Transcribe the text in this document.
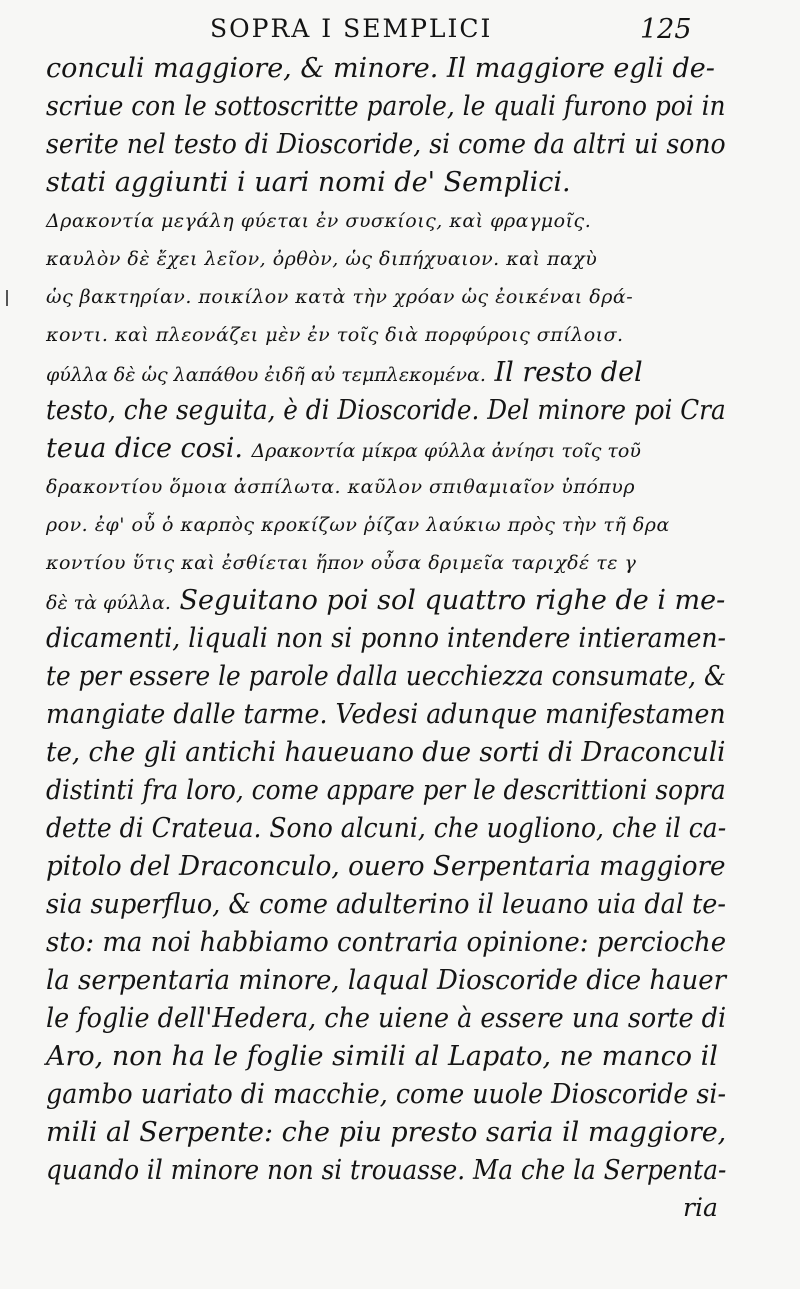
SOPRA I SEMPLICI	125
conculi maggiore, & minore. Il maggiore egli de-
scriue con le sottoscritte parole, le quali furono poi in
serite nel testo di Dioscoride, si come da altri ui sono
stati aggiunti i uari nomi de' Semplici.
Δρακοντία μεγάλη φύεται ἐν συσκίοις, καὶ φραγμοῖς.
καυλὸν δὲ ἔχει λεῖον, ὀρθὸν, ὡς διπήχυαιον. καὶ παχὺ
ὡς βακτηρίαν. ποικίλον κατὰ τὴν χρόαν ὡς ἐοικέναι δρά-
κοντι. καὶ πλεονάζει μὲν ἐν τοῖς διὰ πορφύροις σπίλοισ.
φύλλα δὲ ὡς λαπάθου ἐιδῆ αὐ τεμπλεκομένα. Il resto del
testo, che seguita, è di Dioscoride. Del minore poi Cra
teua dice cosi. Δρακοντία μίκρα φύλλα ἀνίησι τοῖς τοῦ
δρακοντίου ὅμοια ἀσπίλωτα. καῦλον σπιθαμιαῖον ὑπόπυρ
ρον. ἐφ' οὗ ὁ καρπὸς κροκίζων ῥίζαν λαύκιω πρὸς τὴν τῆ δρα
κοντίου ὕτις καὶ ἐσθίεται ἥπον οὖσα δριμεῖα ταριχδέ τε γ
δὲ τὰ φύλλα. Seguitano poi sol quattro righe de i me-
dicamenti, liquali non si ponno intendere intieramen-
te per essere le parole dalla uecchiezza consumate, &
mangiate dalle tarme. Vedesi adunque manifestamen
te, che gli antichi haueuano due sorti di Draconculi
distinti fra loro, come appare per le descrittioni sopra
dette di Crateua. Sono alcuni, che uogliono, che il ca-
pitolo del Draconculo, ouero Serpentaria maggiore
sia superfluo, & come adulterino il leuano uia dal te-
sto: ma noi habbiamo contraria opinione: percioche
la serpentaria minore, laqual Dioscoride dice hauer
le foglie dell'Hedera, che uiene à essere una sorte di
Aro, non ha le foglie simili al Lapato, ne manco il
gambo uariato di macchie, come uuole Dioscoride si-
mili al Serpente: che piu presto saria il maggiore,
quando il minore non si trouasse. Ma che la Serpenta-
ria
